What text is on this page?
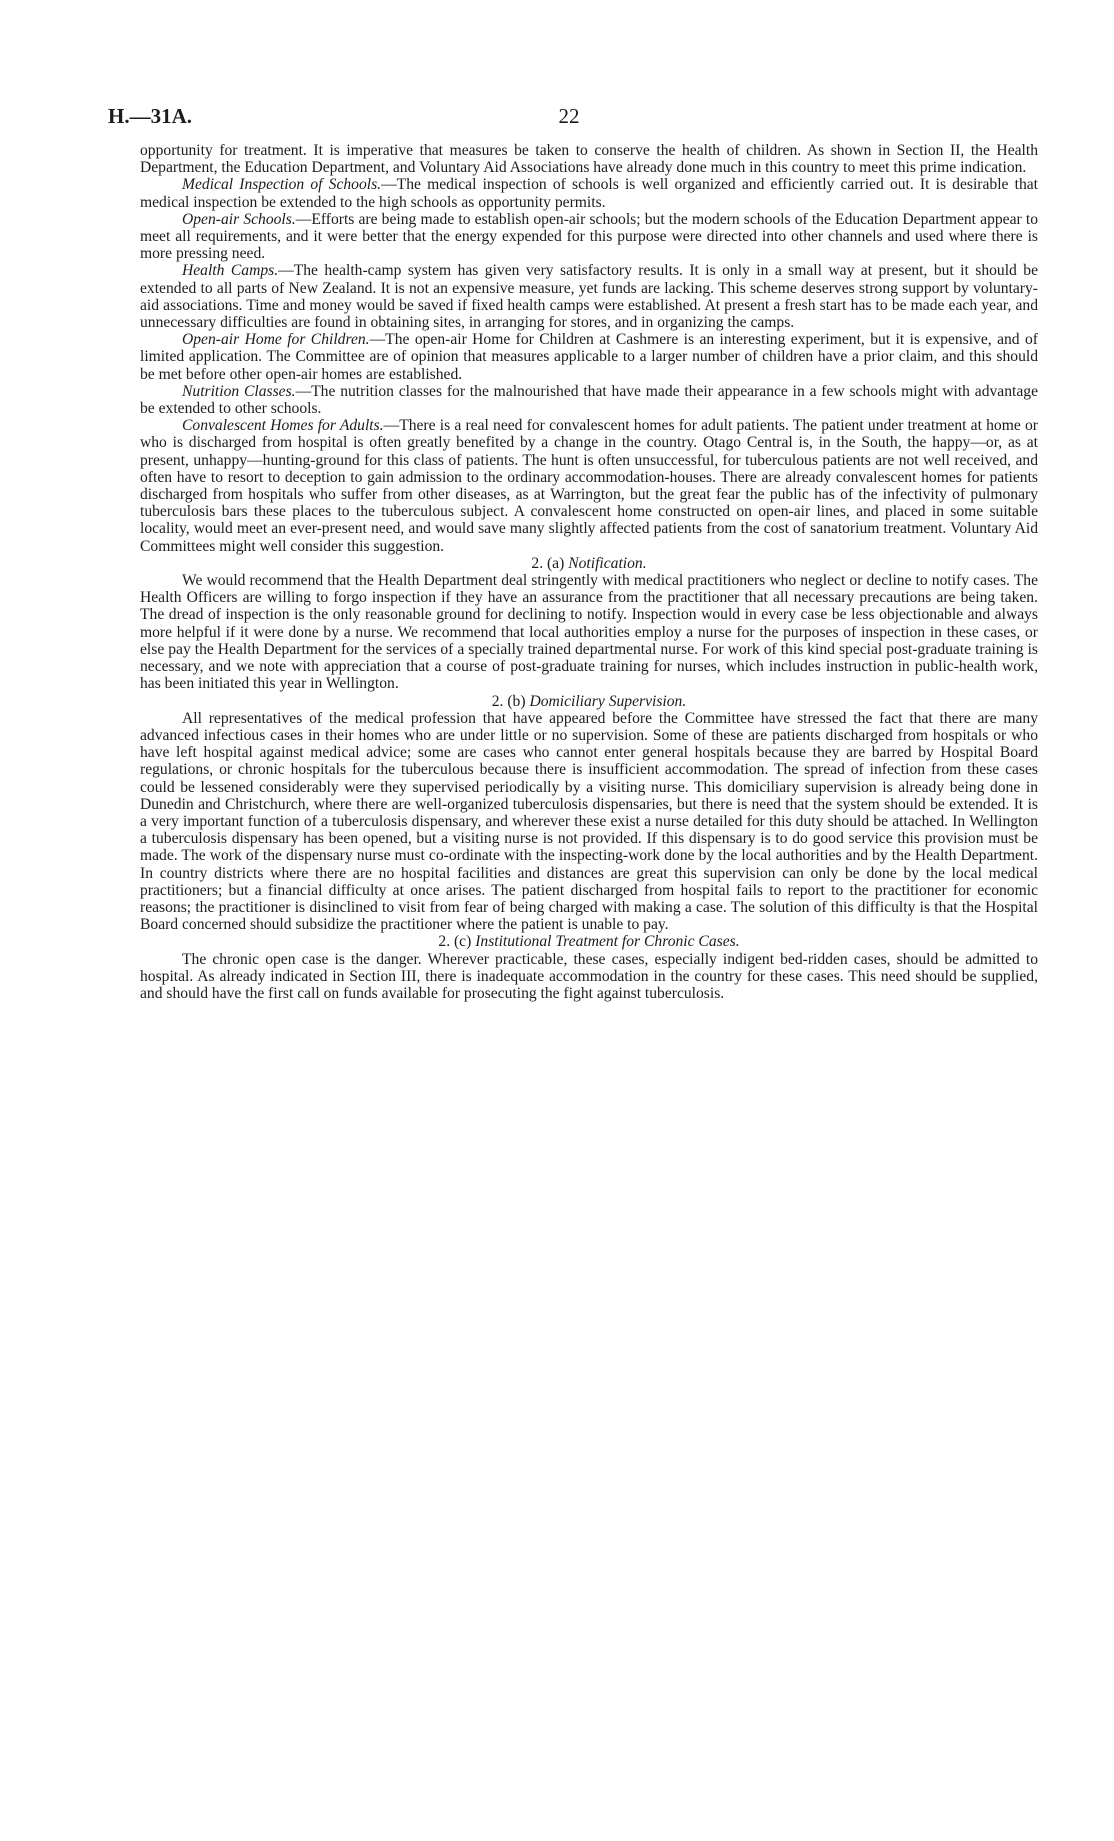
H.—31A.	22

opportunity for treatment. It is imperative that measures be taken to conserve the health of children. As shown in Section II, the Health Department, the Education Department, and Voluntary Aid Associations have already done much in this country to meet this prime indication.

Medical Inspection of Schools.—The medical inspection of schools is well organized and efficiently carried out. It is desirable that medical inspection be extended to the high schools as opportunity permits.

Open-air Schools.—Efforts are being made to establish open-air schools; but the modern schools of the Education Department appear to meet all requirements, and it were better that the energy expended for this purpose were directed into other channels and used where there is more pressing need.

Health Camps.—The health-camp system has given very satisfactory results. It is only in a small way at present, but it should be extended to all parts of New Zealand. It is not an expensive measure, yet funds are lacking. This scheme deserves strong support by voluntary-aid associations. Time and money would be saved if fixed health camps were established. At present a fresh start has to be made each year, and unnecessary difficulties are found in obtaining sites, in arranging for stores, and in organizing the camps.

Open-air Home for Children.—The open-air Home for Children at Cashmere is an interesting experiment, but it is expensive, and of limited application. The Committee are of opinion that measures applicable to a larger number of children have a prior claim, and this should be met before other open-air homes are established.

Nutrition Classes.—The nutrition classes for the malnourished that have made their appearance in a few schools might with advantage be extended to other schools.

Convalescent Homes for Adults.—There is a real need for convalescent homes for adult patients. The patient under treatment at home or who is discharged from hospital is often greatly benefited by a change in the country. Otago Central is, in the South, the happy—or, as at present, unhappy—hunting-ground for this class of patients. The hunt is often unsuccessful, for tuberculous patients are not well received, and often have to resort to deception to gain admission to the ordinary accommodation-houses. There are already convalescent homes for patients discharged from hospitals who suffer from other diseases, as at Warrington, but the great fear the public has of the infectivity of pulmonary tuberculosis bars these places to the tuberculous subject. A convalescent home constructed on open-air lines, and placed in some suitable locality, would meet an ever-present need, and would save many slightly affected patients from the cost of sanatorium treatment. Voluntary Aid Committees might well consider this suggestion.

2. (a) Notification.

We would recommend that the Health Department deal stringently with medical practitioners who neglect or decline to notify cases. The Health Officers are willing to forgo inspection if they have an assurance from the practitioner that all necessary precautions are being taken. The dread of inspection is the only reasonable ground for declining to notify. Inspection would in every case be less objectionable and always more helpful if it were done by a nurse. We recommend that local authorities employ a nurse for the purposes of inspection in these cases, or else pay the Health Department for the services of a specially trained departmental nurse. For work of this kind special post-graduate training is necessary, and we note with appreciation that a course of post-graduate training for nurses, which includes instruction in public-health work, has been initiated this year in Wellington.

2. (b) Domiciliary Supervision.

All representatives of the medical profession that have appeared before the Committee have stressed the fact that there are many advanced infectious cases in their homes who are under little or no supervision. Some of these are patients discharged from hospitals or who have left hospital against medical advice; some are cases who cannot enter general hospitals because they are barred by Hospital Board regulations, or chronic hospitals for the tuberculous because there is insufficient accommodation. The spread of infection from these cases could be lessened considerably were they supervised periodically by a visiting nurse. This domiciliary supervision is already being done in Dunedin and Christchurch, where there are well-organized tuberculosis dispensaries, but there is need that the system should be extended. It is a very important function of a tuberculosis dispensary, and wherever these exist a nurse detailed for this duty should be attached. In Wellington a tuberculosis dispensary has been opened, but a visiting nurse is not provided. If this dispensary is to do good service this provision must be made. The work of the dispensary nurse must co-ordinate with the inspecting-work done by the local authorities and by the Health Department. In country districts where there are no hospital facilities and distances are great this supervision can only be done by the local medical practitioners; but a financial difficulty at once arises. The patient discharged from hospital fails to report to the practitioner for economic reasons; the practitioner is disinclined to visit from fear of being charged with making a case. The solution of this difficulty is that the Hospital Board concerned should subsidize the practitioner where the patient is unable to pay.

2. (c) Institutional Treatment for Chronic Cases.

The chronic open case is the danger. Wherever practicable, these cases, especially indigent bed-ridden cases, should be admitted to hospital. As already indicated in Section III, there is inadequate accommodation in the country for these cases. This need should be supplied, and should have the first call on funds available for prosecuting the fight against tuberculosis.
